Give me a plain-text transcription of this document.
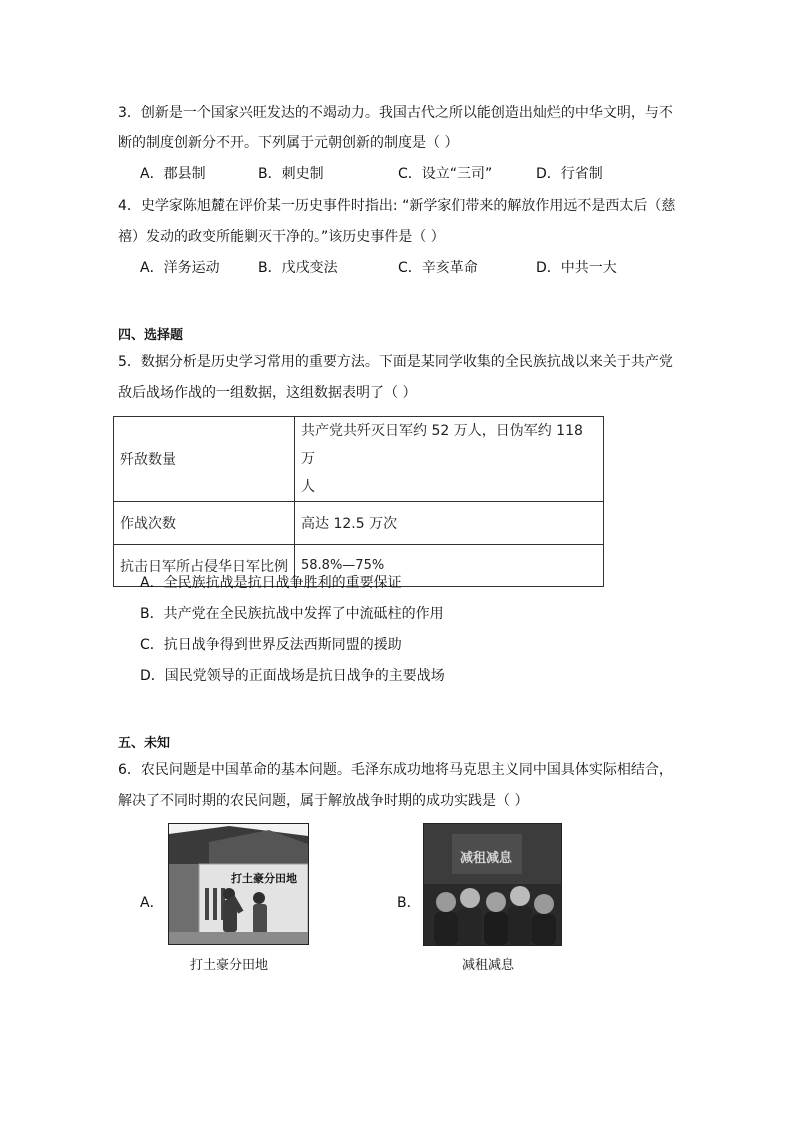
3．创新是一个国家兴旺发达的不竭动力。我国古代之所以能创造出灿烂的中华文明，与不
断的制度创新分不开。下列属于元朝创新的制度是（ ）
A．郡县制	B．刺史制	C．设立“三司”	D．行省制
4．史学家陈旭麓在评价某一历史事件时指出: “新学家们带来的解放作用远不是西太后（慈
禧）发动的政变所能剿灭干净的。”该历史事件是（ ）
A．洋务运动	B．戊戌变法	C．辛亥革命	D．中共一大
四、选择题
5．数据分析是历史学习常用的重要方法。下面是某同学收集的全民族抗战以来关于共产党
敌后战场作战的一组数据，这组数据表明了（ ）
歼敌数量	共产党共歼灭日军约 52 万人，日伪军约 118 万
人

作战次数	高达 12.5 万次
抗击日军所占侵华日军比例	58.8%—75%
A．全民族抗战是抗日战争胜利的重要保证
B．共产党在全民族抗战中发挥了中流砥柱的作用
C．抗日战争得到世界反法西斯同盟的援助
D．国民党领导的正面战场是抗日战争的主要战场
五、未知
6．农民问题是中国革命的基本问题。毛泽东成功地将马克思主义同中国具体实际相结合，
解决了不同时期的农民问题，属于解放战争时期的成功实践是（ ）
A．
打土豪分田地
打土豪分田地
B．
减租减息
减租减息
